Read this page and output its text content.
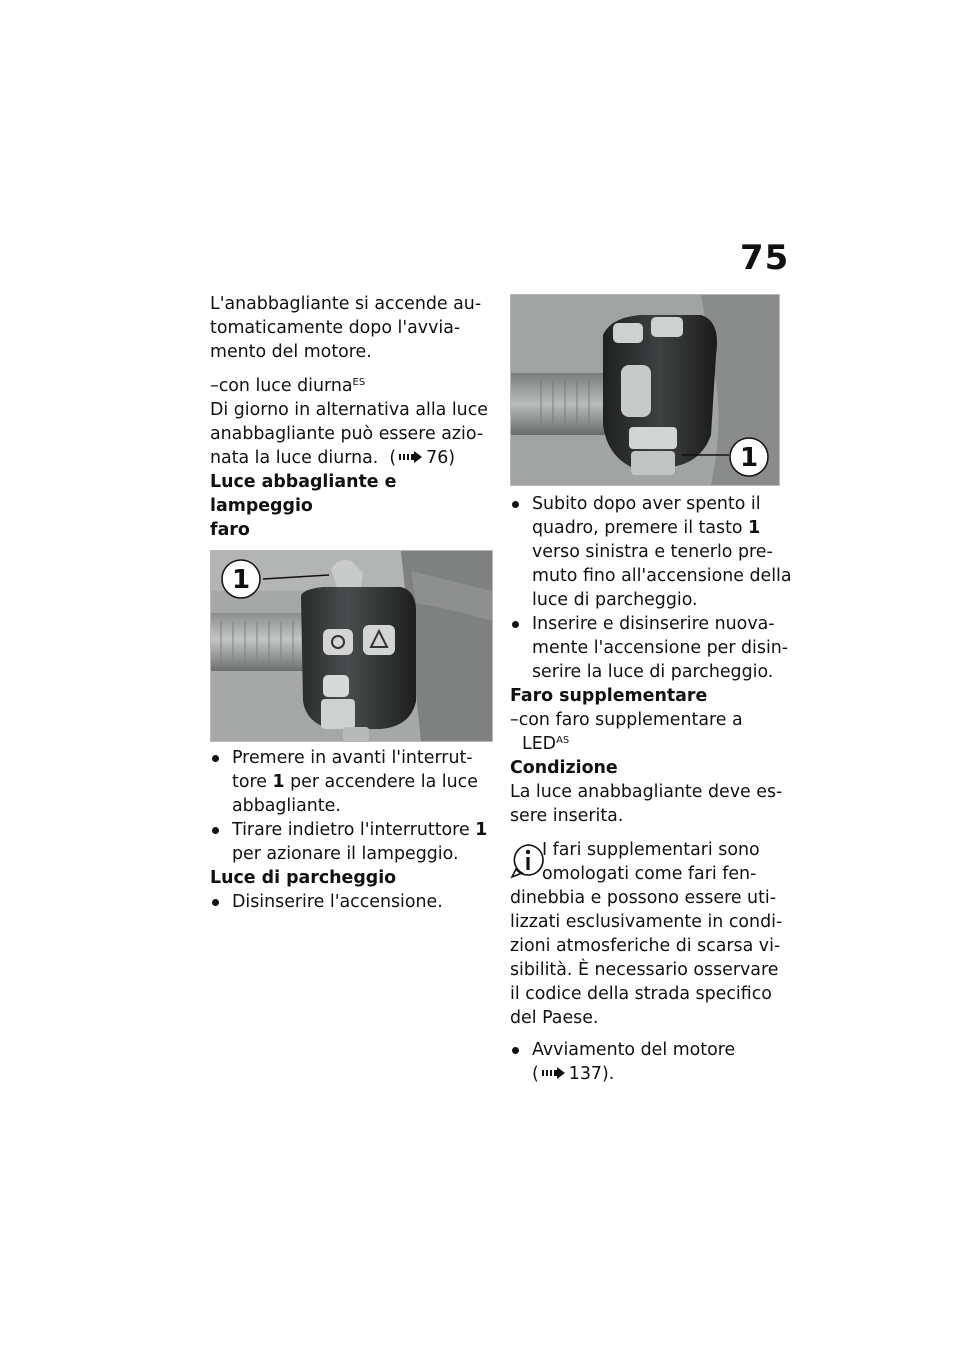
75

L'anabbagliante si accende au-
tomaticamente dopo l'avvia-
mento del motore.

–con luce diurna$^{ES}$

Di giorno in alternativa alla luce
anabbagliante può essere azio-
nata la luce diurna. ( 76)

Luce abbagliante e lampeggio
faro

1
Premere in avanti l'interrut-
tore 1 per accendere la luce
abbagliante.
Tirare indietro l'interruttore 1
per azionare il lampeggio.

Luce di parcheggio

Disinserire l'accensione.
1
Subito dopo aver spento il
quadro, premere il tasto 1
verso sinistra e tenerlo pre-
muto fino all'accensione della
luce di parcheggio.
Inserire e disinserire nuova-
mente l'accensione per disin-
serire la luce di parcheggio.

Faro supplementare

–con faro supplementare a
$LED^{AS}$

Condizione

La luce anabbagliante deve es-
sere inserita.

I fari supplementari sono
omologati come fari fen-
dinebbia e possono essere uti-
lizzati esclusivamente in condi-
zioni atmosferiche di scarsa vi-
sibilità. È necessario osservare
il codice della strada specifico
del Paese.

Avviamento del motore
( 137).
